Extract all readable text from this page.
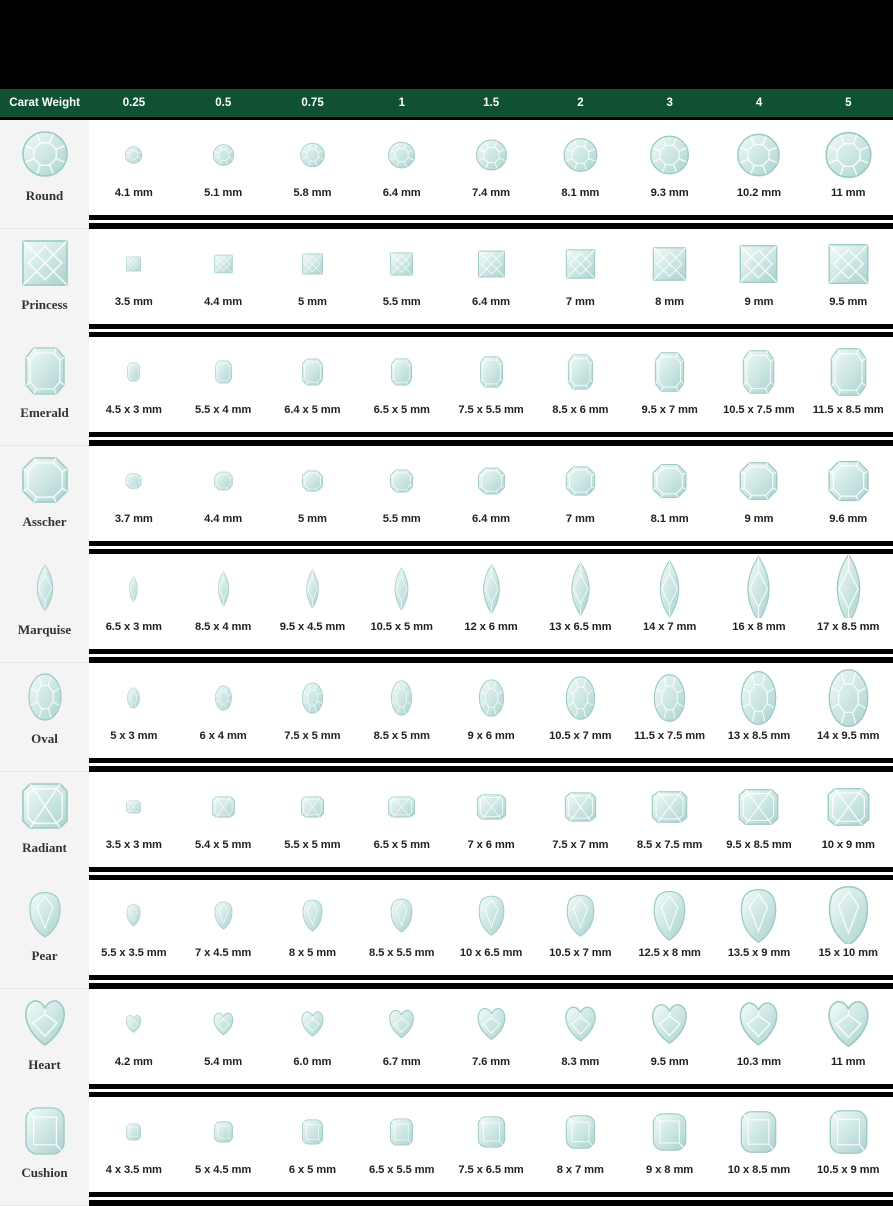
Carat Weight	0.25	0.5	0.75	1	1.5	2	3	4	5
Round	4.1 mm	5.1 mm	5.8 mm	6.4 mm	7.4 mm	8.1 mm	9.3 mm	10.2 mm	11 mm
Princess	3.5 mm	4.4 mm	5 mm	5.5 mm	6.4 mm	7 mm	8 mm	9 mm	9.5 mm
Emerald	4.5 x 3 mm	5.5 x 4 mm	6.4 x 5 mm	6.5 x 5 mm	7.5 x 5.5 mm	8.5 x 6 mm	9.5 x 7 mm	10.5 x 7.5 mm	11.5 x 8.5 mm
Asscher	3.7 mm	4.4 mm	5 mm	5.5 mm	6.4 mm	7 mm	8.1 mm	9 mm	9.6 mm
Marquise	6.5 x 3 mm	8.5 x 4 mm	9.5 x 4.5 mm	10.5 x 5 mm	12 x 6 mm	13 x 6.5 mm	14 x 7 mm	16 x 8 mm	17 x 8.5 mm
Oval	5 x 3 mm	6 x 4 mm	7.5 x 5 mm	8.5 x 5 mm	9 x 6 mm	10.5 x 7 mm	11.5 x 7.5 mm	13 x 8.5 mm	14 x 9.5 mm
Radiant	3.5 x 3 mm	5.4 x 5 mm	5.5 x 5 mm	6.5 x 5 mm	7 x 6 mm	7.5 x 7 mm	8.5 x 7.5 mm	9.5 x 8.5 mm	10 x 9 mm
Pear	5.5 x 3.5 mm	7 x 4.5 mm	8 x 5 mm	8.5 x 5.5 mm	10 x 6.5 mm	10.5 x 7 mm	12.5 x 8 mm	13.5 x 9 mm	15 x 10 mm
Heart	4.2 mm	5.4 mm	6.0 mm	6.7 mm	7.6 mm	8.3 mm	9.5 mm	10.3 mm	11 mm
Cushion	4 x 3.5 mm	5 x 4.5 mm	6 x 5 mm	6.5 x 5.5 mm	7.5 x 6.5 mm	8 x 7 mm	9 x 8 mm	10 x 8.5 mm	10.5 x 9 mm
